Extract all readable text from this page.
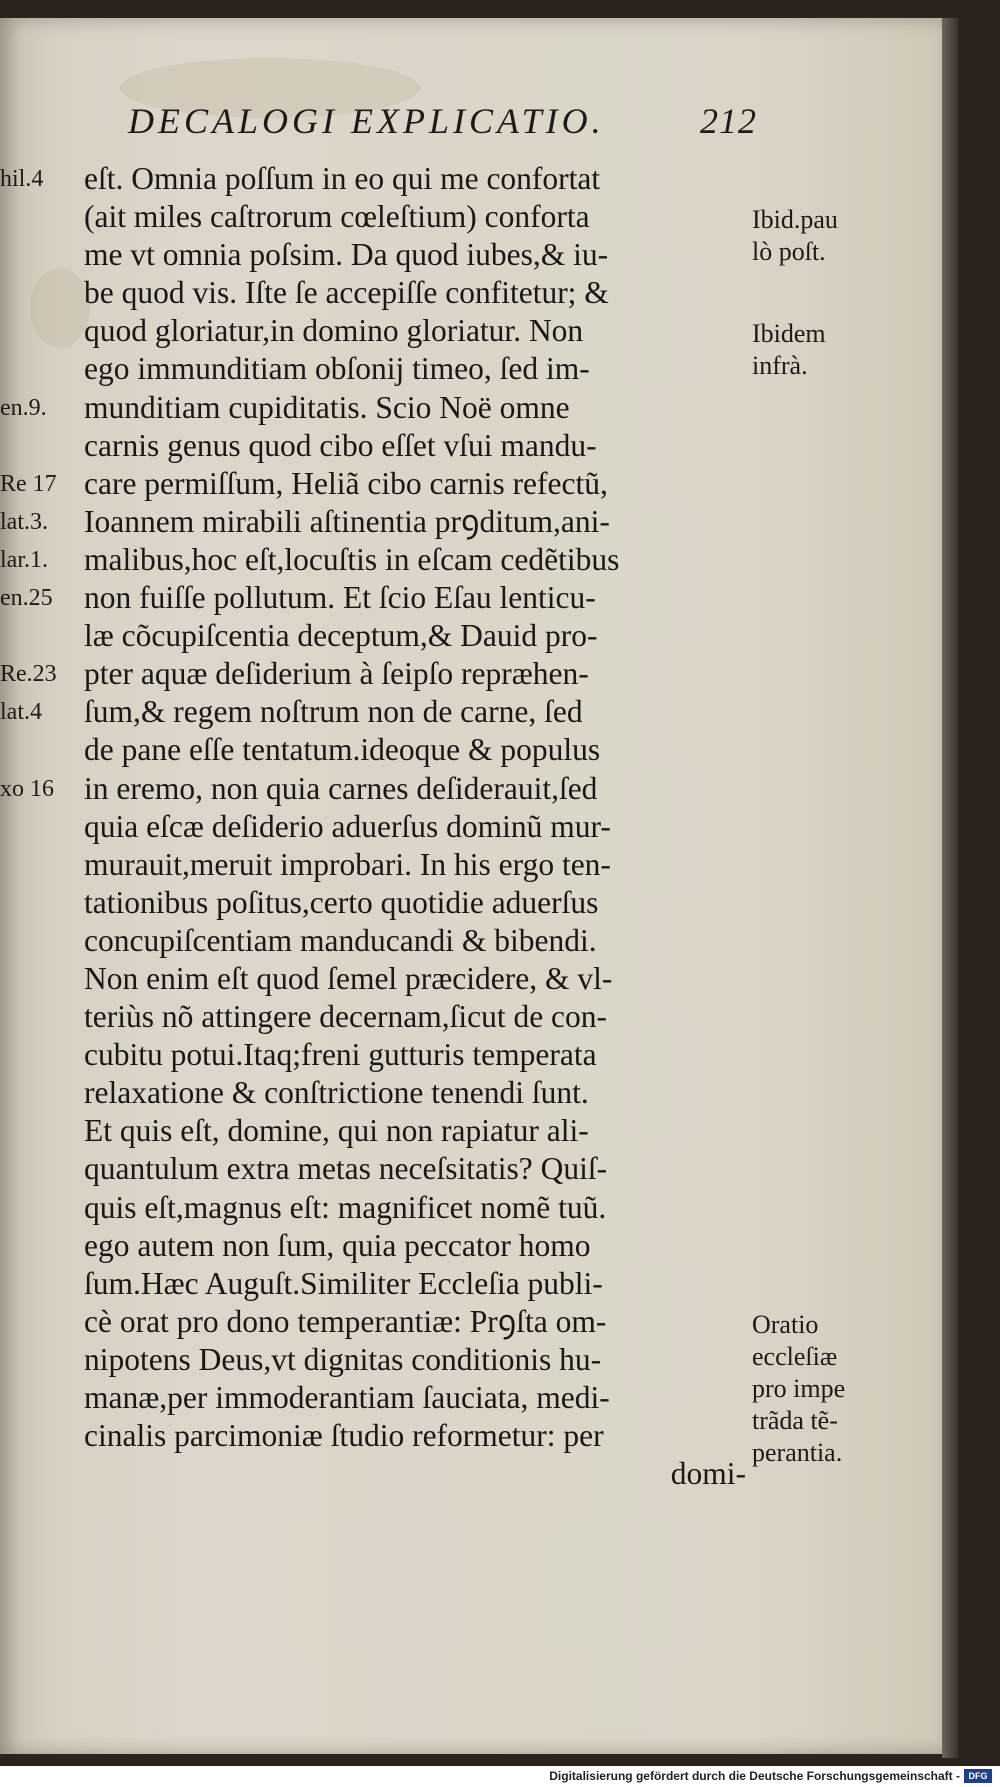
DECALOGI EXPLICATIO.	212
eſt. Omnia poſſum in eo qui me confortat
(ait miles caſtrorum cœleſtium) conforta
me vt omnia poſsim. Da quod iubes,& iu-
be quod vis. Iſte ſe accepiſſe confitetur; &
quod gloriatur,in domino gloriatur. Non
ego immunditiam obſonij timeo, ſed im-
munditiam cupiditatis. Scio Noë omne
carnis genus quod cibo eſſet vſui mandu-
care permiſſum, Heliã cibo carnis refectũ,
Ioannem mirabili aſtinentia prꝯditum,ani-
malibus,hoc eſt,locuſtis in eſcam cedẽtibus
non fuiſſe pollutum. Et ſcio Eſau lenticu-
læ cõcupiſcentia deceptum,& Dauid pro-
pter aquæ deſiderium à ſeipſo repræhen-
ſum,& regem noſtrum non de carne, ſed
de pane eſſe tentatum.ideoque & populus
in eremo, non quia carnes deſiderauit,ſed
quia eſcæ deſiderio aduerſus dominũ mur-
murauit,meruit improbari. In his ergo ten-
tationibus poſitus,certo quotidie aduerſus
concupiſcentiam manducandi & bibendi.
Non enim eſt quod ſemel præcidere, & vl-
teriùs nõ attingere decernam,ſicut de con-
cubitu potui.Itaq;freni gutturis temperata
relaxatione & conſtrictione tenendi ſunt.
Et quis eſt, domine, qui non rapiatur ali-
quantulum extra metas neceſsitatis? Quiſ-
quis eſt,magnus eſt: magnificet nomẽ tuũ.
ego autem non ſum, quia peccator homo
ſum.Hæc Auguſt.Similiter Eccleſia publi-
cè orat pro dono temperantiæ: Prꝯſta om-
nipotens Deus,vt dignitas conditionis hu-
manæ,per immoderantiam ſauciata, medi-
cinalis parcimoniæ ſtudio reformetur: per
domi-
hil.4
en.9.
Re 17
lat.3.
lar.1.
en.25
Re.23
lat.4
xo 16
Ibid.pau
lò poſt.
Ibidem
infrà.
Oratio
eccleſiæ
pro impe
trãda tẽ-
perantia.
Digitalisierung gefördert durch die Deutsche Forschungsgemeinschaft - DFG
